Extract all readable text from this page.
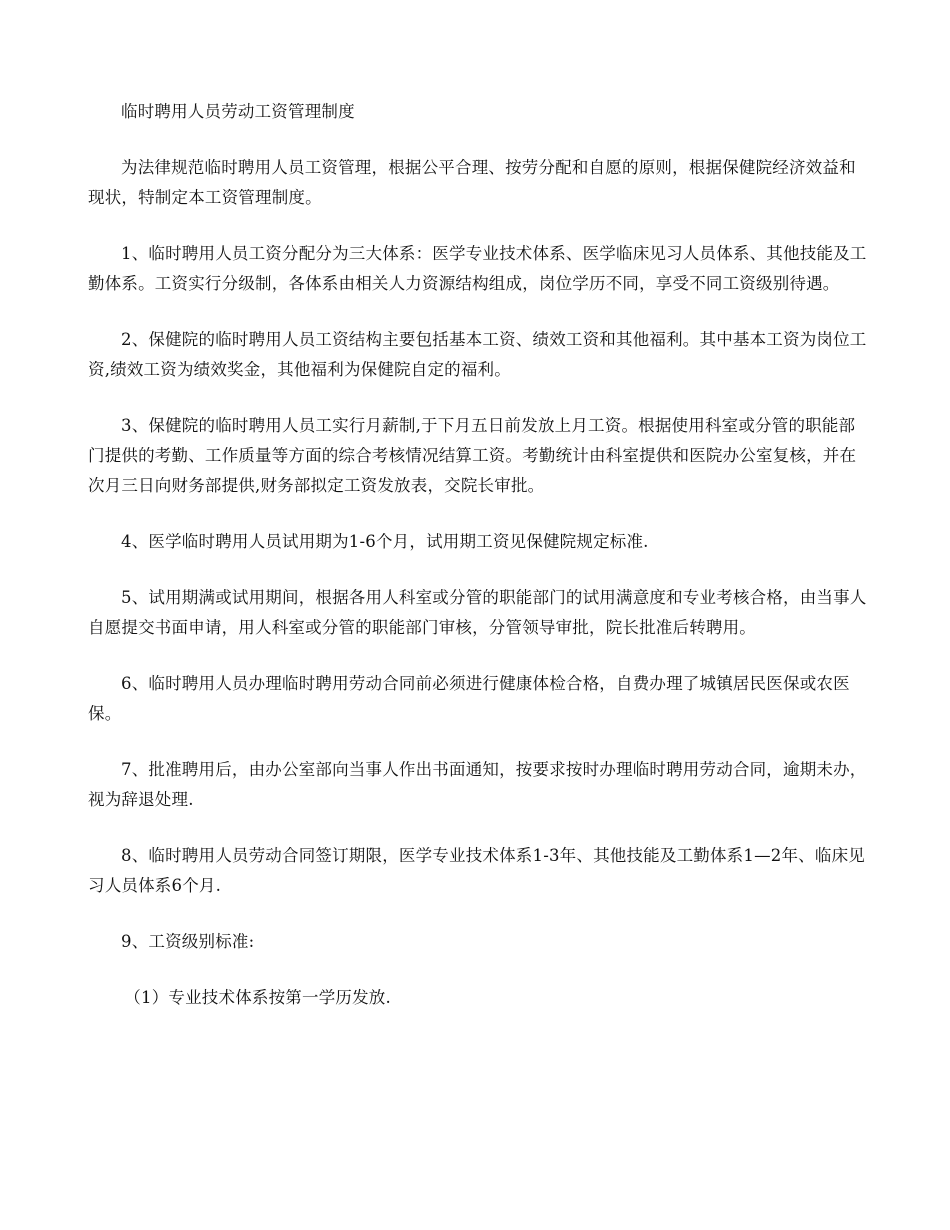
临时聘用人员劳动工资管理制度

为法律规范临时聘用人员工资管理，根据公平合理、按劳分配和自愿的原则，根据保健院经济效益和现状，特制定本工资管理制度。

1、临时聘用人员工资分配分为三大体系：医学专业技术体系、医学临床见习人员体系、其他技能及工勤体系。工资实行分级制，各体系由相关人力资源结构组成，岗位学历不同，享受不同工资级别待遇。

2、保健院的临时聘用人员工资结构主要包括基本工资、绩效工资和其他福利。其中基本工资为岗位工资,绩效工资为绩效奖金，其他福利为保健院自定的福利。

3、保健院的临时聘用人员工实行月薪制,于下月五日前发放上月工资。根据使用科室或分管的职能部门提供的考勤、工作质量等方面的综合考核情况结算工资。考勤统计由科室提供和医院办公室复核，并在次月三日向财务部提供,财务部拟定工资发放表，交院长审批。

4、医学临时聘用人员试用期为1-6个月，试用期工资见保健院规定标准.

5、试用期满或试用期间，根据各用人科室或分管的职能部门的试用满意度和专业考核合格，由当事人自愿提交书面申请，用人科室或分管的职能部门审核，分管领导审批，院长批准后转聘用。

6、临时聘用人员办理临时聘用劳动合同前必须进行健康体检合格，自费办理了城镇居民医保或农医保。

7、批准聘用后，由办公室部向当事人作出书面通知，按要求按时办理临时聘用劳动合同，逾期未办，视为辞退处理.

8、临时聘用人员劳动合同签订期限，医学专业技术体系1-3年、其他技能及工勤体系1—2年、临床见习人员体系6个月.

9、工资级别标准:

（1）专业技术体系按第一学历发放.
